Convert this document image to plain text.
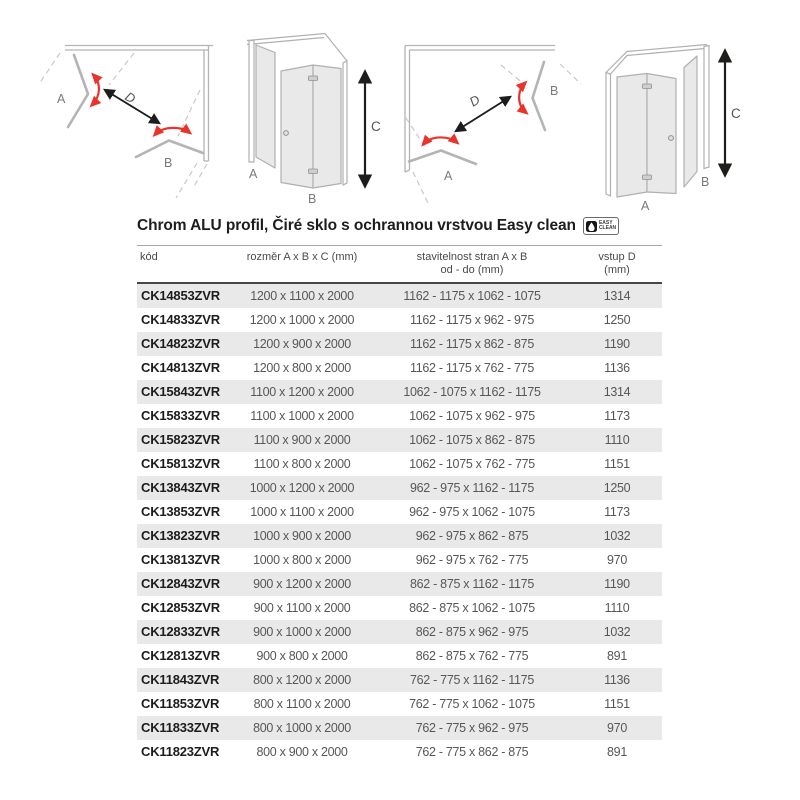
D
A
B
C
A
B
D
B
A
C
A
B
Chrom ALU profil, Čiré sklo s ochrannou vrstvou Easy clean	EASY
CLEAN
kód	rozměr A x B x C (mm)	stavitelnost stran A x B
od - do (mm)
vstup D
(mm)
CK14853ZVR	1200 x 1100 x 2000	1162 - 1175 x 1062 - 1075	1314
CK14833ZVR	1200 x 1000 x 2000	1162 - 1175 x 962 - 975	1250
CK14823ZVR	1200 x 900 x 2000	1162 - 1175 x 862 - 875	1190
CK14813ZVR	1200 x 800 x 2000	1162 - 1175 x 762 - 775	1136
CK15843ZVR	1100 x 1200 x 2000	1062 - 1075 x 1162 - 1175	1314
CK15833ZVR	1100 x 1000 x 2000	1062 - 1075 x 962 - 975	1173
CK15823ZVR	1100 x 900 x 2000	1062 - 1075 x 862 - 875	1110
CK15813ZVR	1100 x 800 x 2000	1062 - 1075 x 762 - 775	1151
CK13843ZVR	1000 x 1200 x 2000	962 - 975 x 1162 - 1175	1250
CK13853ZVR	1000 x 1100 x 2000	962 - 975 x 1062 - 1075	1173
CK13823ZVR	1000 x 900 x 2000	962 - 975 x 862 - 875	1032
CK13813ZVR	1000 x 800 x 2000	962 - 975 x 762 - 775	970
CK12843ZVR	900 x 1200 x 2000	862 - 875 x 1162 - 1175	1190
CK12853ZVR	900 x 1100 x 2000	862 - 875 x 1062 - 1075	1110
CK12833ZVR	900 x 1000 x 2000	862 - 875 x 962 - 975	1032
CK12813ZVR	900 x 800 x 2000	862 - 875 x 762 - 775	891
CK11843ZVR	800 x 1200 x 2000	762 - 775 x 1162 - 1175	1136
CK11853ZVR	800 x 1100 x 2000	762 - 775 x 1062 - 1075	1151
CK11833ZVR	800 x 1000 x 2000	762 - 775 x 962 - 975	970
CK11823ZVR	800 x 900 x 2000	762 - 775 x 862 - 875	891
